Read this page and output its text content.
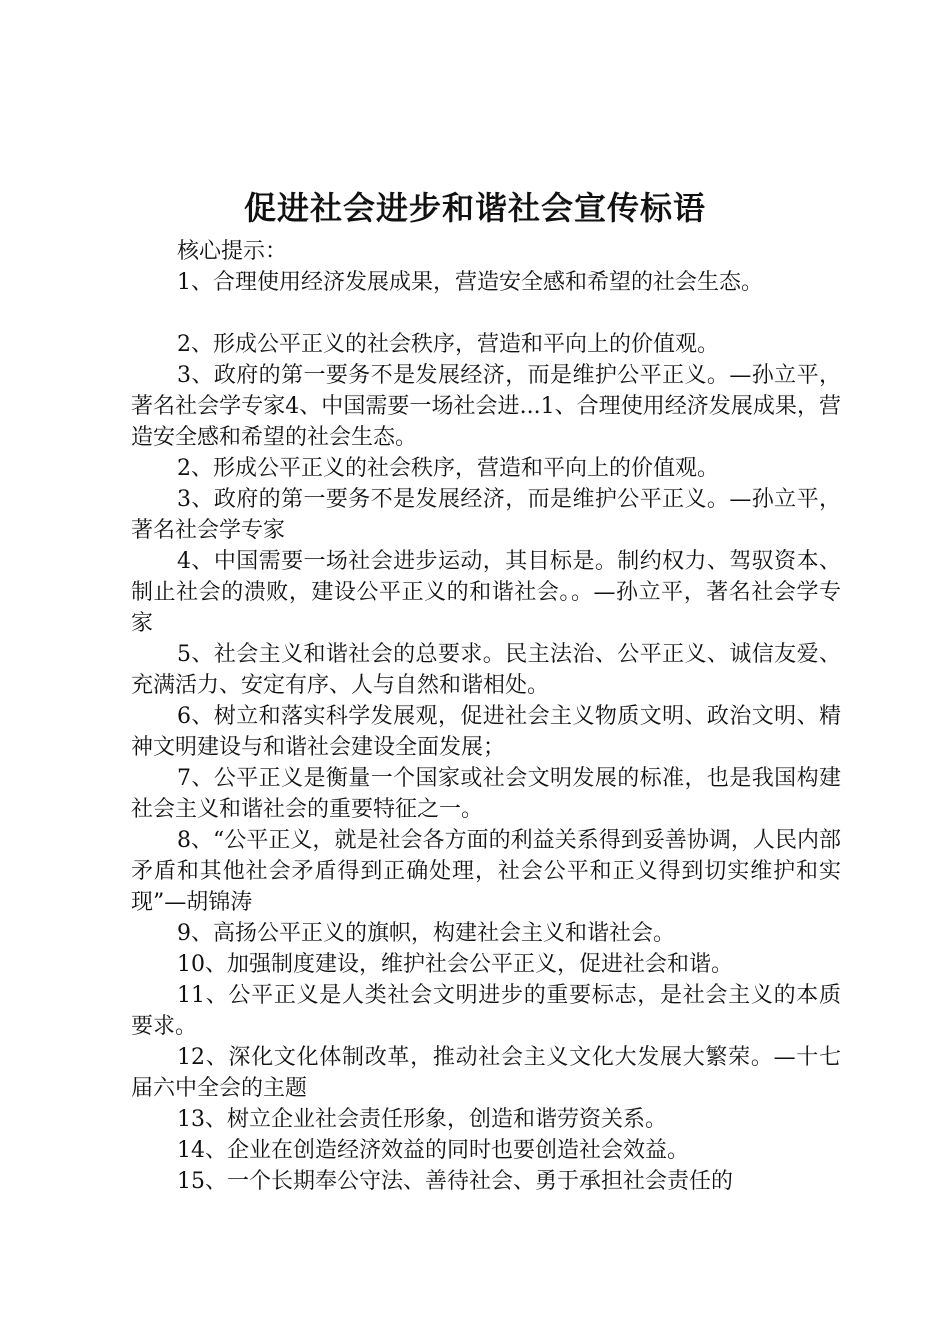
促进社会进步和谐社会宣传标语

核心提示：

1、合理使用经济发展成果，营造安全感和希望的社会生态。

2、形成公平正义的社会秩序，营造和平向上的价值观。

3、政府的第一要务不是发展经济，而是维护公平正义。—孙立平，著名社会学专家4、中国需要一场社会进...1、合理使用经济发展成果，营造安全感和希望的社会生态。

2、形成公平正义的社会秩序，营造和平向上的价值观。

3、政府的第一要务不是发展经济，而是维护公平正义。—孙立平，著名社会学专家

4、中国需要一场社会进步运动，其目标是。制约权力、驾驭资本、制止社会的溃败，建设公平正义的和谐社会。。—孙立平，著名社会学专家

5、社会主义和谐社会的总要求。民主法治、公平正义、诚信友爱、充满活力、安定有序、人与自然和谐相处。

6、树立和落实科学发展观，促进社会主义物质文明、政治文明、精神文明建设与和谐社会建设全面发展；

7、公平正义是衡量一个国家或社会文明发展的标准，也是我国构建社会主义和谐社会的重要特征之一。

8、“公平正义，就是社会各方面的利益关系得到妥善协调，人民内部矛盾和其他社会矛盾得到正确处理，社会公平和正义得到切实维护和实现”—胡锦涛

9、高扬公平正义的旗帜，构建社会主义和谐社会。

10、加强制度建设，维护社会公平正义，促进社会和谐。

11、公平正义是人类社会文明进步的重要标志，是社会主义的本质要求。

12、深化文化体制改革，推动社会主义文化大发展大繁荣。—十七届六中全会的主题

13、树立企业社会责任形象，创造和谐劳资关系。

14、企业在创造经济效益的同时也要创造社会效益。

15、一个长期奉公守法、善待社会、勇于承担社会责任的
